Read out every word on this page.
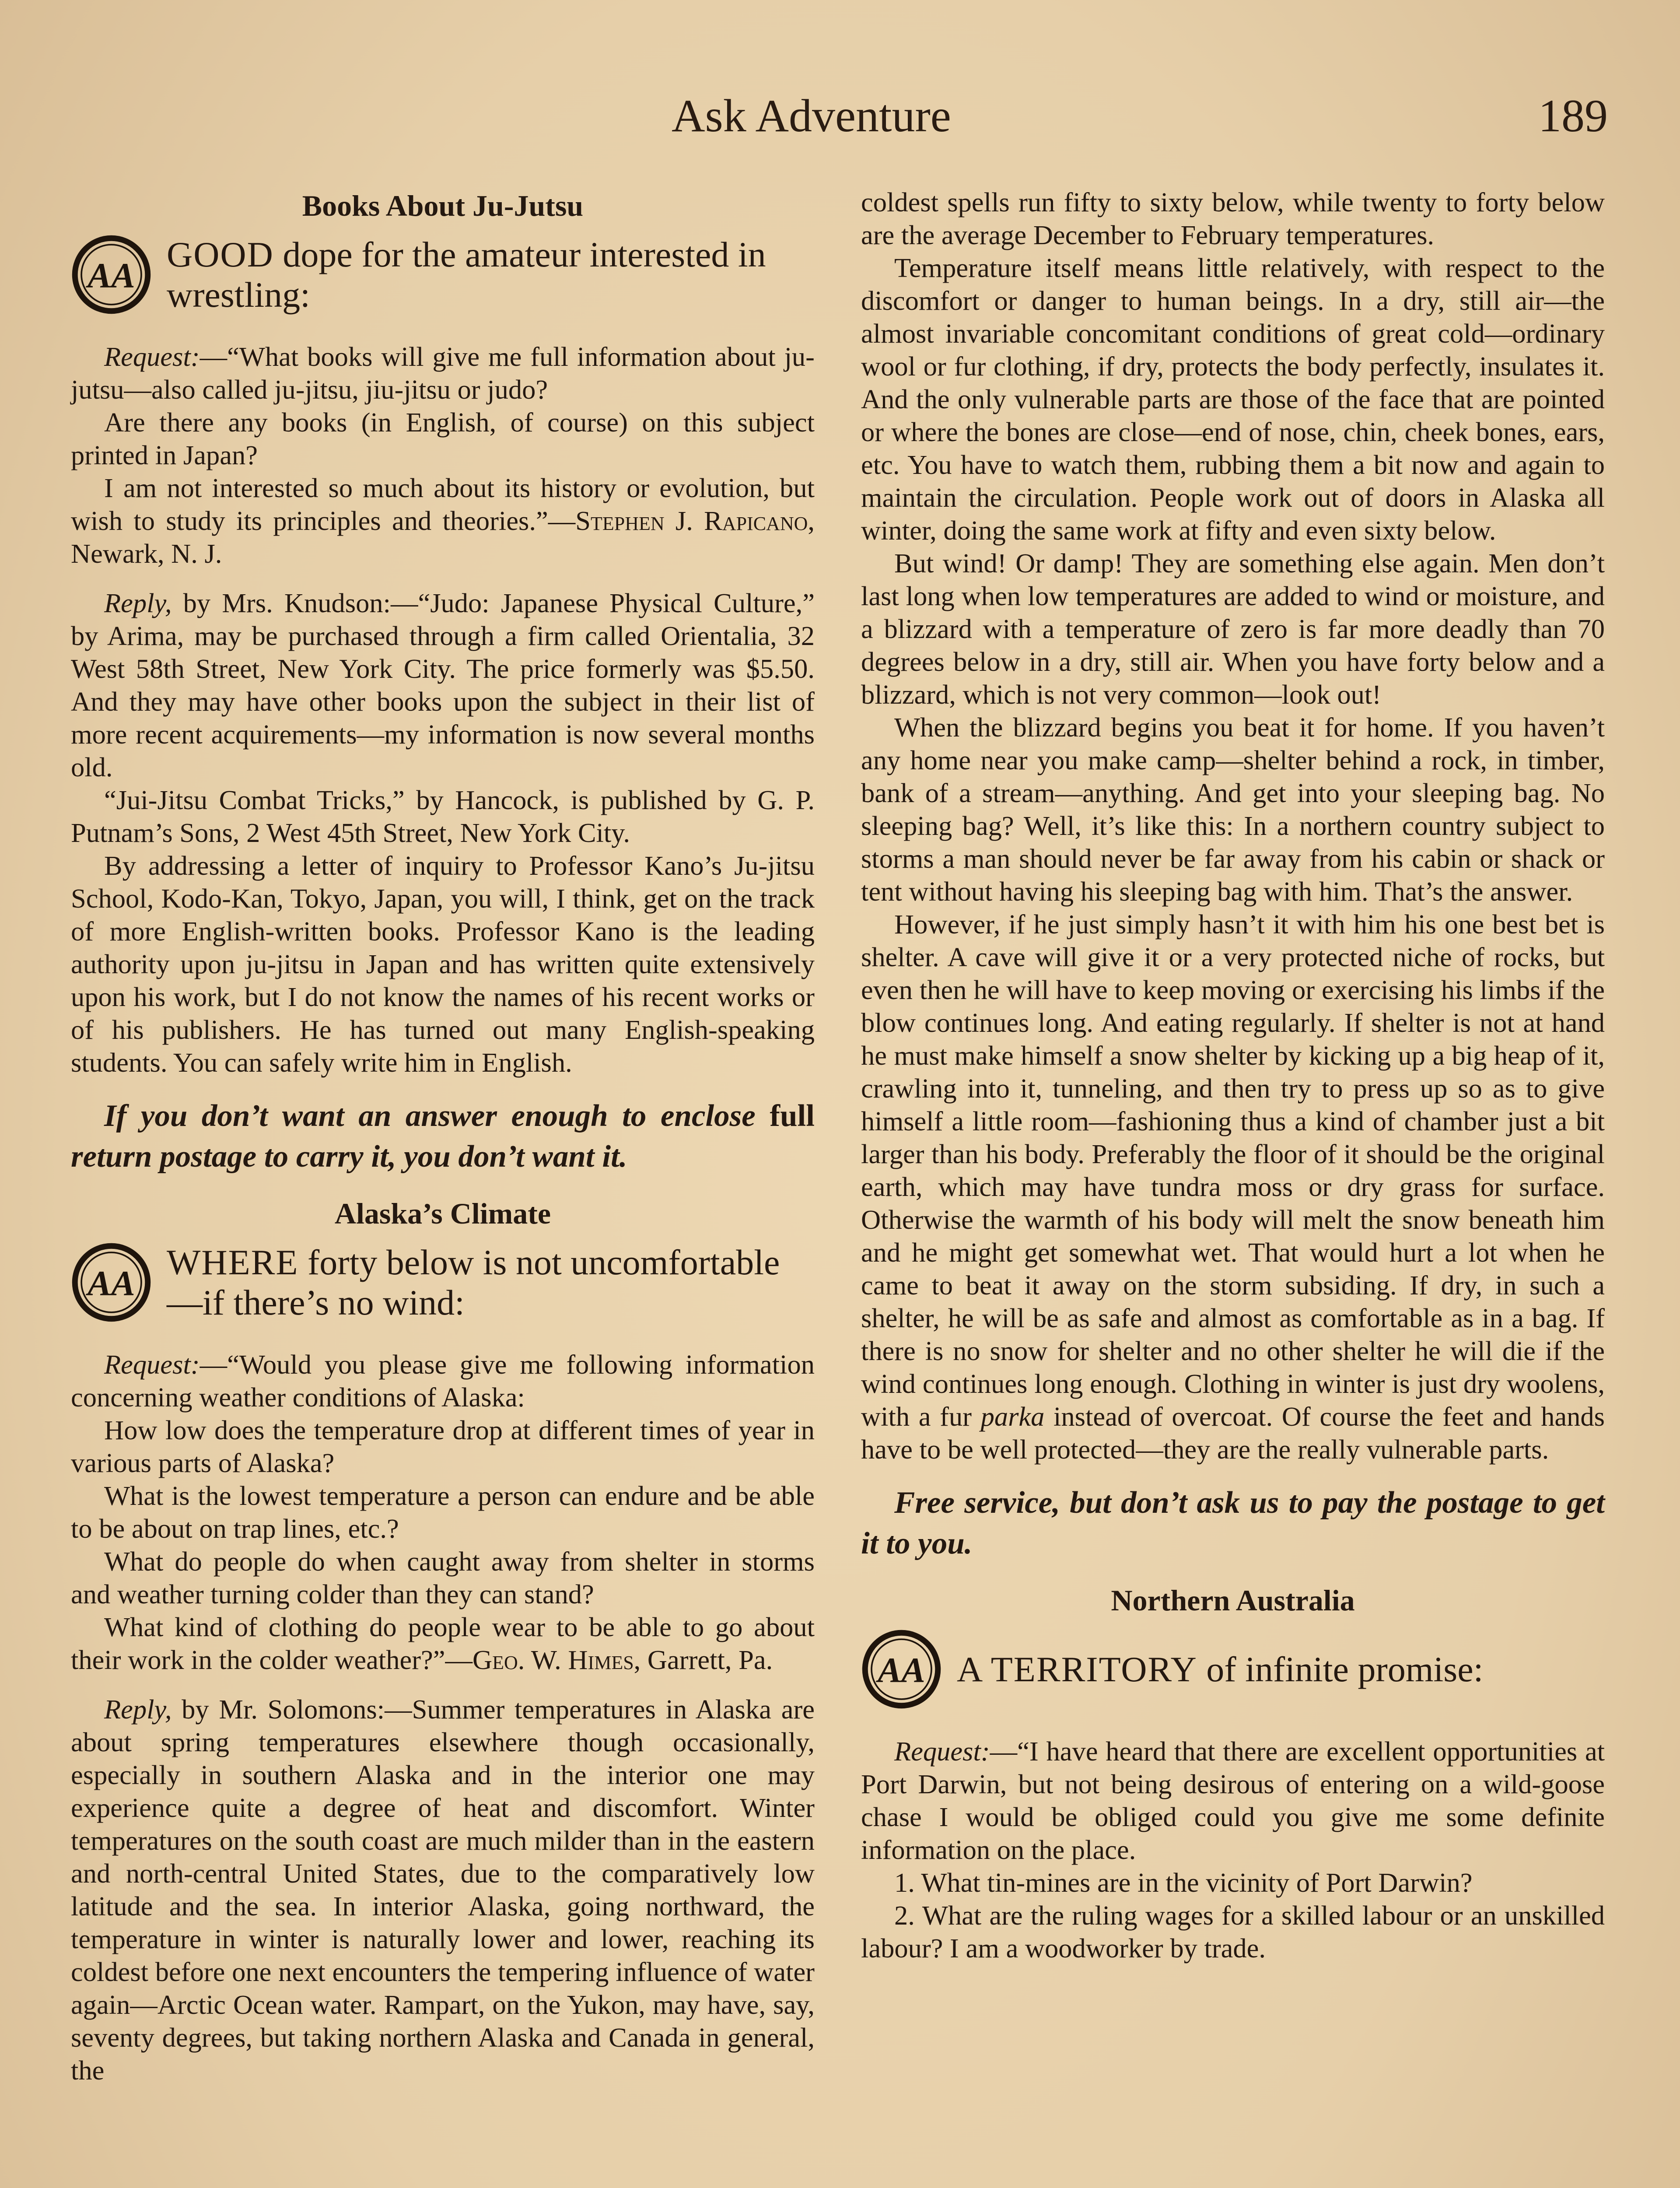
Ask Adventure	189
Books About Ju-Jutsu
GOOD dope for the amateur interested in wrestling:

Request:—“What books will give me full information about ju-jutsu—also called ju-jitsu, jiu-jitsu or judo?

Are there any books (in English, of course) on this subject printed in Japan?

I am not interested so much about its history or evolution, but wish to study its principles and theories.”—Stephen J. Rapicano, Newark, N. J.

Reply, by Mrs. Knudson:—“Judo: Japanese Physical Culture,” by Arima, may be purchased through a firm called Orientalia, 32 West 58th Street, New York City. The price formerly was $5.50. And they may have other books upon the subject in their list of more recent acquirements—my information is now several months old.

“Jui-Jitsu Combat Tricks,” by Hancock, is published by G. P. Putnam’s Sons, 2 West 45th Street, New York City.

By addressing a letter of inquiry to Professor Kano’s Ju-jitsu School, Kodo-Kan, Tokyo, Japan, you will, I think, get on the track of more English-written books. Professor Kano is the leading authority upon ju-jitsu in Japan and has written quite extensively upon his work, but I do not know the names of his recent works or of his publishers. He has turned out many English-speaking students. You can safely write him in English.

If you don’t want an answer enough to enclose full return postage to carry it, you don’t want it.

Alaska’s Climate
WHERE forty below is not uncomfortable—if there’s no wind:

Request:—“Would you please give me following information concerning weather conditions of Alaska:

How low does the temperature drop at different times of year in various parts of Alaska?

What is the lowest temperature a person can endure and be able to be about on trap lines, etc.?

What do people do when caught away from shelter in storms and weather turning colder than they can stand?

What kind of clothing do people wear to be able to go about their work in the colder weather?”—Geo. W. Himes, Garrett, Pa.

Reply, by Mr. Solomons:—Summer temperatures in Alaska are about spring temperatures elsewhere though occasionally, especially in southern Alaska and in the interior one may experience quite a degree of heat and discomfort. Winter temperatures on the south coast are much milder than in the eastern and north-central United States, due to the comparatively low latitude and the sea. In interior Alaska, going northward, the temperature in winter is naturally lower and lower, reaching its coldest before one next encounters the tempering influence of water again—Arctic Ocean water. Rampart, on the Yukon, may have, say, seventy degrees, but taking northern Alaska and Canada in general, the

coldest spells run fifty to sixty below, while twenty to forty below are the average December to February temperatures.

Temperature itself means little relatively, with respect to the discomfort or danger to human beings. In a dry, still air—the almost invariable concomitant conditions of great cold—ordinary wool or fur clothing, if dry, protects the body perfectly, insulates it. And the only vulnerable parts are those of the face that are pointed or where the bones are close—end of nose, chin, cheek bones, ears, etc. You have to watch them, rubbing them a bit now and again to maintain the circulation. People work out of doors in Alaska all winter, doing the same work at fifty and even sixty below.

But wind! Or damp! They are something else again. Men don’t last long when low temperatures are added to wind or moisture, and a blizzard with a temperature of zero is far more deadly than 70 degrees below in a dry, still air. When you have forty below and a blizzard, which is not very common—look out!

When the blizzard begins you beat it for home. If you haven’t any home near you make camp—shelter behind a rock, in timber, bank of a stream—anything. And get into your sleeping bag. No sleeping bag? Well, it’s like this: In a northern country subject to storms a man should never be far away from his cabin or shack or tent without having his sleeping bag with him. That’s the answer.

However, if he just simply hasn’t it with him his one best bet is shelter. A cave will give it or a very protected niche of rocks, but even then he will have to keep moving or exercising his limbs if the blow continues long. And eating regularly. If shelter is not at hand he must make himself a snow shelter by kicking up a big heap of it, crawling into it, tunneling, and then try to press up so as to give himself a little room—fashioning thus a kind of chamber just a bit larger than his body. Preferably the floor of it should be the original earth, which may have tundra moss or dry grass for surface. Otherwise the warmth of his body will melt the snow beneath him and he might get somewhat wet. That would hurt a lot when he came to beat it away on the storm subsiding. If dry, in such a shelter, he will be as safe and almost as comfortable as in a bag. If there is no snow for shelter and no other shelter he will die if the wind continues long enough. Clothing in winter is just dry woolens, with a fur parka instead of overcoat. Of course the feet and hands have to be well protected—they are the really vulnerable parts.

Free service, but don’t ask us to pay the postage to get it to you.

Northern Australia
A TERRITORY of infinite promise:

Request:—“I have heard that there are excellent opportunities at Port Darwin, but not being desirous of entering on a wild-goose chase I would be obliged could you give me some definite information on the place.

1. What tin-mines are in the vicinity of Port Darwin?

2. What are the ruling wages for a skilled labour or an unskilled labour? I am a woodworker by trade.
